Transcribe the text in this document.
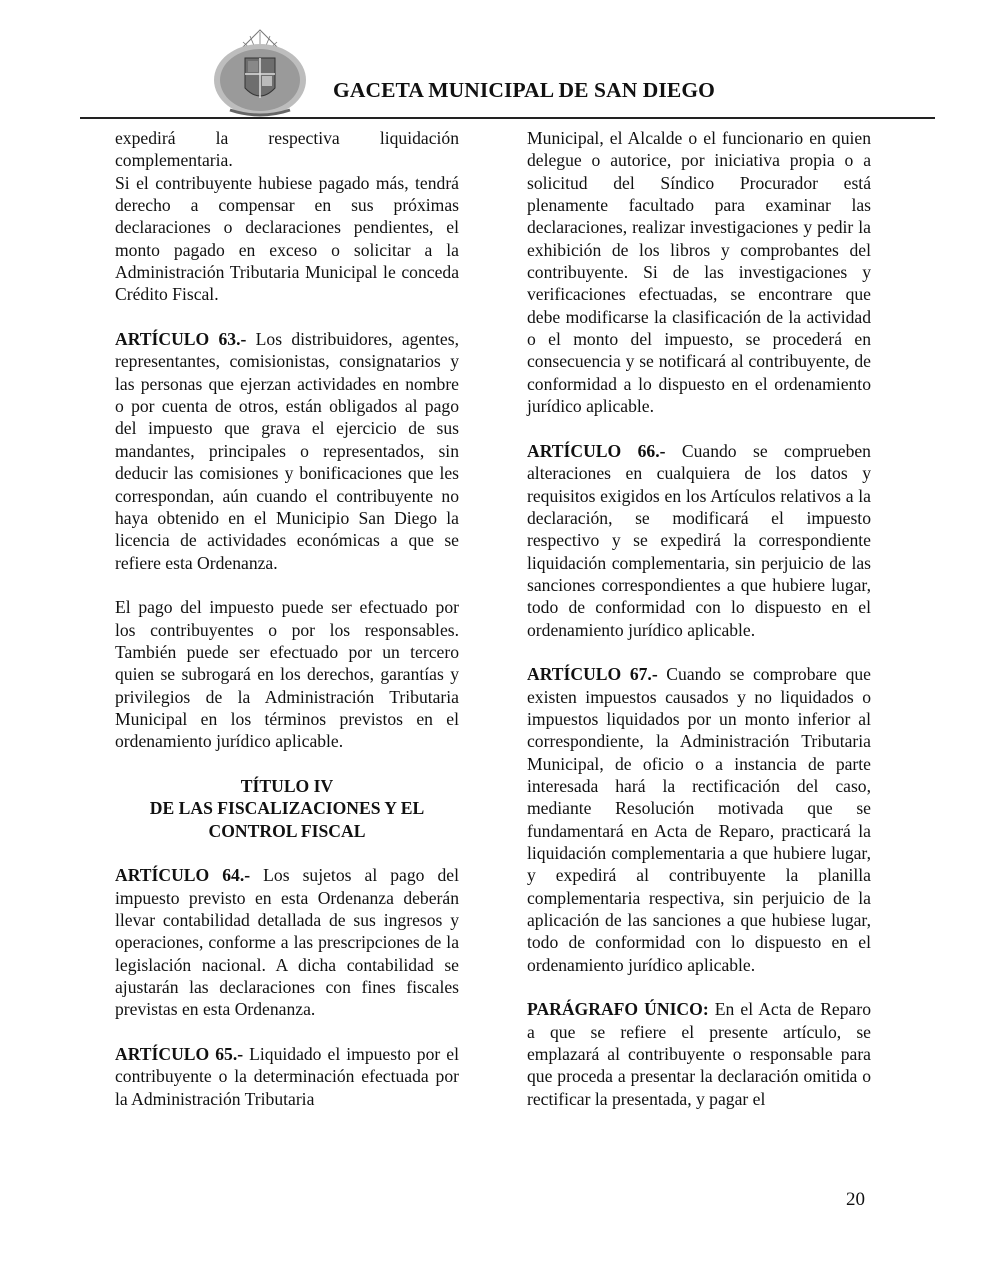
GACETA MUNICIPAL DE SAN DIEGO

expedirá la respectiva liquidación complementaria.

Si el contribuyente hubiese pagado más, tendrá derecho a compensar en sus próximas declaraciones o declaraciones pendientes, el monto pagado en exceso o solicitar a la Administración Tributaria Municipal le conceda Crédito Fiscal.

ARTÍCULO 63.- Los distribuidores, agentes, representantes, comisionistas, consignatarios y las personas que ejerzan actividades en nombre o por cuenta de otros, están obligados al pago del impuesto que grava el ejercicio de sus mandantes, principales o representados, sin deducir las comisiones y bonificaciones que les correspondan, aún cuando el contribuyente no haya obtenido en el Municipio San Diego la licencia de actividades económicas a que se refiere esta Ordenanza.

El pago del impuesto puede ser efectuado por los contribuyentes o por los responsables. También puede ser efectuado por un tercero quien se subrogará en los derechos, garantías y privilegios de la Administración Tributaria Municipal en los términos previstos en el ordenamiento jurídico aplicable.

TÍTULO IV
DE LAS FISCALIZACIONES Y EL
CONTROL FISCAL

ARTÍCULO 64.- Los sujetos al pago del impuesto previsto en esta Ordenanza deberán llevar contabilidad detallada de sus ingresos y operaciones, conforme a las prescripciones de la legislación nacional. A dicha contabilidad se ajustarán las declaraciones con fines fiscales previstas en esta Ordenanza.

ARTÍCULO 65.- Liquidado el impuesto por el contribuyente o la determinación efectuada por la Administración Tributaria

Municipal, el Alcalde o el funcionario en quien delegue o autorice, por iniciativa propia o a solicitud del Síndico Procurador está plenamente facultado para examinar las declaraciones, realizar investigaciones y pedir la exhibición de los libros y comprobantes del contribuyente. Si de las investigaciones y verificaciones efectuadas, se encontrare que debe modificarse la clasificación de la actividad o el monto del impuesto, se procederá en consecuencia y se notificará al contribuyente, de conformidad a lo dispuesto en el ordenamiento jurídico aplicable.

ARTÍCULO 66.- Cuando se comprueben alteraciones en cualquiera de los datos y requisitos exigidos en los Artículos relativos a la declaración, se modificará el impuesto respectivo y se expedirá la correspondiente liquidación complementaria, sin perjuicio de las sanciones correspondientes a que hubiere lugar, todo de conformidad con lo dispuesto en el ordenamiento jurídico aplicable.

ARTÍCULO 67.- Cuando se comprobare que existen impuestos causados y no liquidados o impuestos liquidados por un monto inferior al correspondiente, la Administración Tributaria Municipal, de oficio o a instancia de parte interesada hará la rectificación del caso, mediante Resolución motivada que se fundamentará en Acta de Reparo, practicará la liquidación complementaria a que hubiere lugar, y expedirá al contribuyente la planilla complementaria respectiva, sin perjuicio de la aplicación de las sanciones a que hubiese lugar, todo de conformidad con lo dispuesto en el ordenamiento jurídico aplicable.

PARÁGRAFO ÚNICO: En el Acta de Reparo a que se refiere el presente artículo, se emplazará al contribuyente o responsable para que proceda a presentar la declaración omitida o rectificar la presentada, y pagar el

20
